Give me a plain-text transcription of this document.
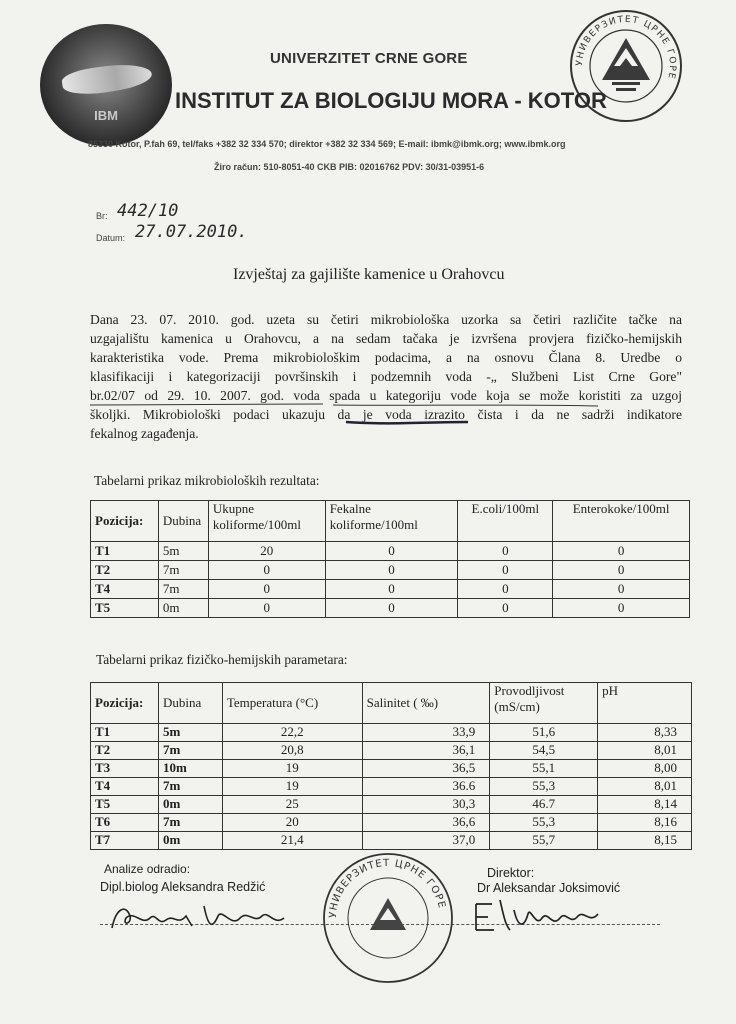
IBM
УНИВЕРЗИТЕТ ЦРНЕ ГОРЕ
UNIVERZITET CRNE GORE
INSTITUT ZA BIOLOGIJU MORA - KOTOR
85330 Kotor, P.fah 69, tel/faks +382 32 334 570; direktor +382 32 334 569; E-mail: ibmk@ibmk.org; www.ibmk.org
Žiro račun: 510-8051-40 CKB PIB: 02016762 PDV: 30/31-03951-6
Br: 442/10
Datum: 27.07.2010.
Izvještaj za gajilište kamenice u Orahovcu
Dana 23. 07. 2010. god. uzeta su četiri mikrobiološka uzorka sa četiri različite tačke na
uzgajalištu kamenica u Orahovcu, a na sedam tačaka je izvršena provjera fizičko-hemijskih
karakteristika vode. Prema mikrobiološkim podacima, a na osnovu Člana 8. Uredbe o
klasifikaciji i kategorizaciji površinskih i podzemnih voda -„ Službeni List Crne Gore"
br.02/07 od 29. 10. 2007. god. voda spada u kategoriju vode koja se može koristiti za uzgoj
školjki. Mikrobiološki podaci ukazuju da je voda izrazito čista i da ne sadrži indikatore
fekalnog zagađenja.
Tabelarni prikaz mikrobioloških rezultata:
Pozicija:	Dubina	Ukupne koliforme/100ml	Fekalne koliforme/100ml	E.coli/100ml	Enterokoke/100ml
T1	5m	20	0	0	0
T2	7m	0	0	0	0
T4	7m	0	0	0	0
T5	0m	0	0	0	0
Tabelarni prikaz fizičko-hemijskih parametara:
Pozicija:	Dubina	Temperatura (°C)	Salinitet ( ‰)	Provodljivost (mS/cm)	pH
T1	5m	22,2	33,9	51,6	8,33
T2	7m	20,8	36,1	54,5	8,01
T3	10m	19	36,5	55,1	8,00
T4	7m	19	36.6	55,3	8,01
T5	0m	25	30,3	46.7	8,14
T6	7m	20	36,6	55,3	8,16
T7	0m	21,4	37,0	55,7	8,15
Analize odradio:
Dipl.biolog Aleksandra Redžić
Direktor:
Dr Aleksandar Joksimović
УНИВЕРЗИТЕТ ЦРНЕ ГОРЕ
